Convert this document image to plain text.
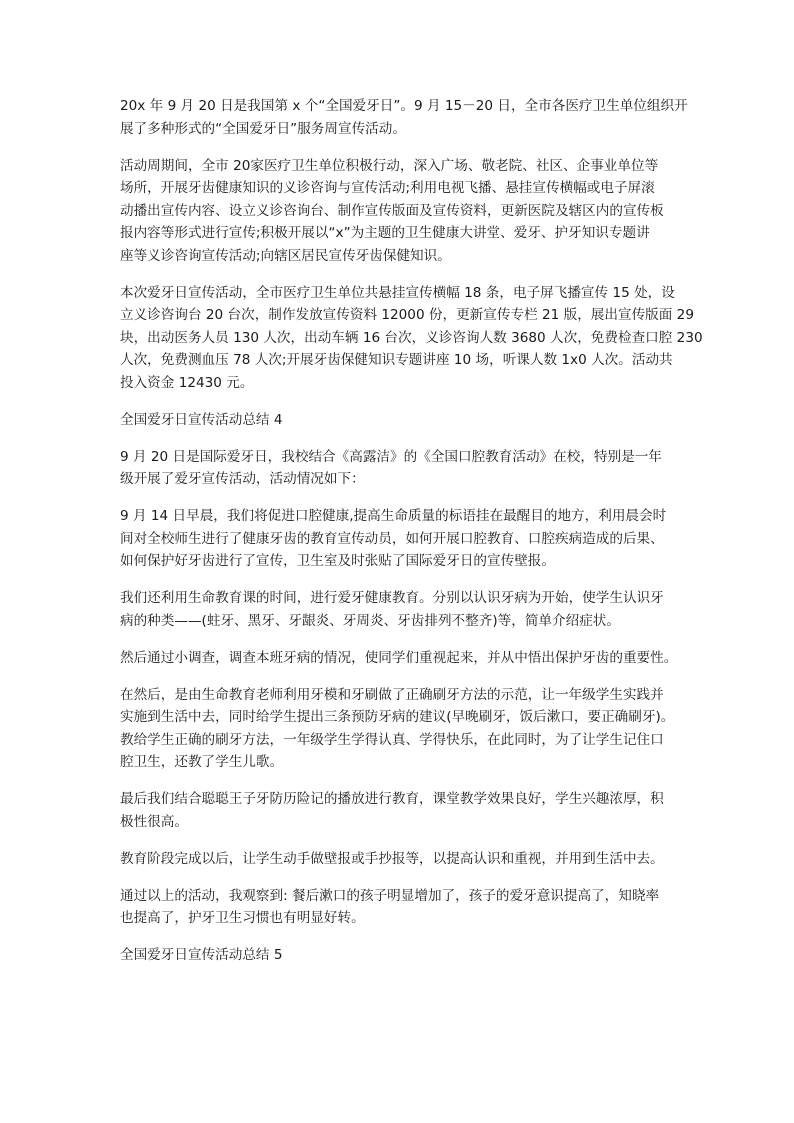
20x 年 9 月 20 日是我国第 x 个“全国爱牙日”。9 月 15－20 日，全市各医疗卫生单位组织开
展了多种形式的“全国爱牙日”服务周宣传活动。

活动周期间，全市 20家医疗卫生单位积极行动，深入广场、敬老院、社区、企事业单位等
场所，开展牙齿健康知识的义诊咨询与宣传活动;利用电视飞播、悬挂宣传横幅或电子屏滚
动播出宣传内容、设立义诊咨询台、制作宣传版面及宣传资料，更新医院及辖区内的宣传板
报内容等形式进行宣传;积极开展以“x”为主题的卫生健康大讲堂、爱牙、护牙知识专题讲
座等义诊咨询宣传活动;向辖区居民宣传牙齿保健知识。

本次爱牙日宣传活动，全市医疗卫生单位共悬挂宣传横幅 18 条，电子屏飞播宣传 15 处，设
立义诊咨询台 20 台次，制作发放宣传资料 12000 份，更新宣传专栏 21 版，展出宣传版面 29
块，出动医务人员 130 人次，出动车辆 16 台次，义诊咨询人数 3680 人次，免费检查口腔 230
人次，免费测血压 78 人次;开展牙齿保健知识专题讲座 10 场，听课人数 1x0 人次。活动共
投入资金 12430 元。

全国爱牙日宣传活动总结 4

9 月 20 日是国际爱牙日，我校结合《高露洁》的《全国口腔教育活动》在校，特别是一年
级开展了爱牙宣传活动，活动情况如下：

9 月 14 日早晨，我们将促进口腔健康,提高生命质量的标语挂在最醒目的地方，利用晨会时
间对全校师生进行了健康牙齿的教育宣传动员，如何开展口腔教育、口腔疾病造成的后果、
如何保护好牙齿进行了宣传，卫生室及时张贴了国际爱牙日的宣传壁报。

我们还利用生命教育课的时间，进行爱牙健康教育。分别以认识牙病为开始，使学生认识牙
病的种类——(蛀牙、黑牙、牙龈炎、牙周炎、牙齿排列不整齐)等，简单介绍症状。

然后通过小调查，调查本班牙病的情况，使同学们重视起来，并从中悟出保护牙齿的重要性。

在然后，是由生命教育老师利用牙模和牙刷做了正确刷牙方法的示范，让一年级学生实践并
实施到生活中去，同时给学生提出三条预防牙病的建议(早晚刷牙，饭后漱口，要正确刷牙)。
教给学生正确的刷牙方法，一年级学生学得认真、学得快乐，在此同时，为了让学生记住口
腔卫生，还教了学生儿歌。

最后我们结合聪聪王子牙防历险记的播放进行教育，课堂教学效果良好，学生兴趣浓厚，积
极性很高。

教育阶段完成以后，让学生动手做壁报或手抄报等，以提高认识和重视，并用到生活中去。

通过以上的活动，我观察到: 餐后漱口的孩子明显增加了，孩子的爱牙意识提高了，知晓率
也提高了，护牙卫生习惯也有明显好转。

全国爱牙日宣传活动总结 5
